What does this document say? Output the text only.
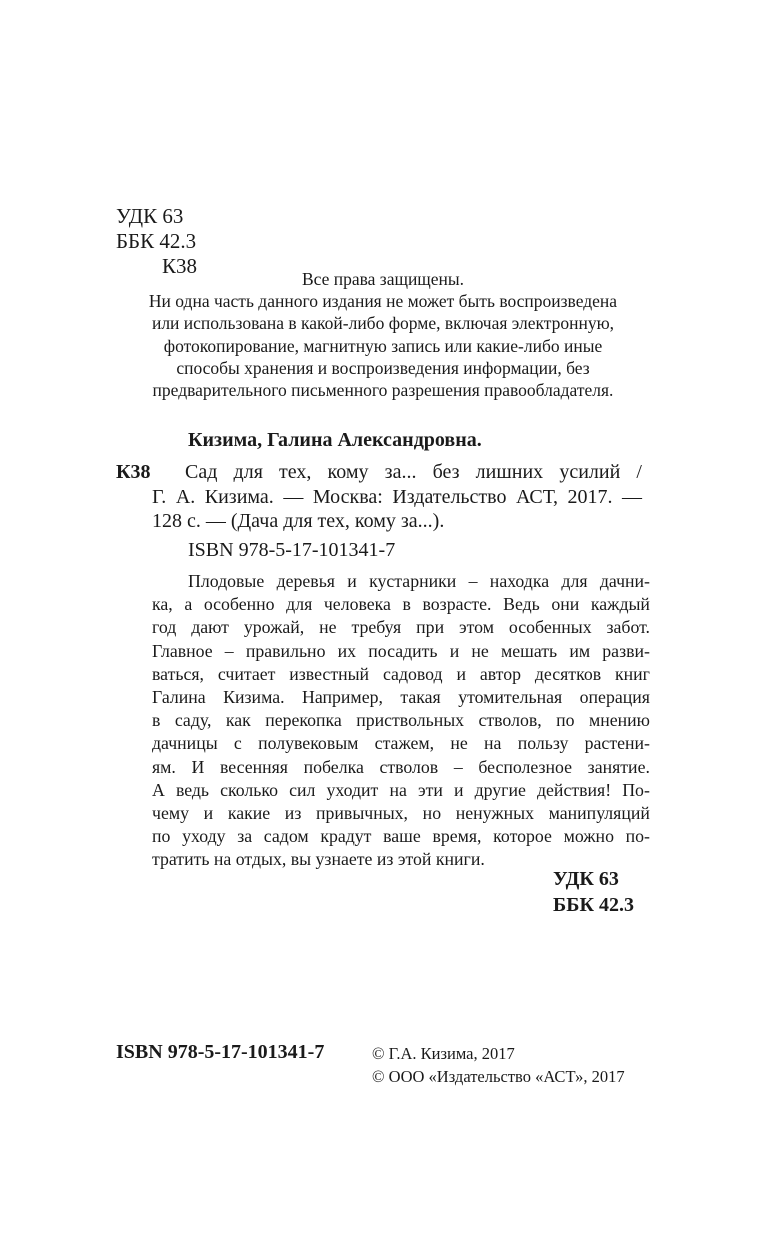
УДК 63
ББК 42.3
К38
Все права защищены.
Ни одна часть данного издания не может быть воспроизведена
или использована в какой-либо форме, включая электронную,
фотокопирование, магнитную запись или какие-либо иные
способы хранения и воспроизведения информации, без
предварительного письменного разрешения правообладателя.
Кизима, Галина Александровна.
К38 Сад для тех, кому за... без лишних усилий /
Г. А. Кизима. — Москва: Издательство АСТ, 2017. —
128 с. — (Дача для тех, кому за...).
ISBN 978-5-17-101341-7
Плодовые деревья и кустарники – находка для дачни-
ка, а особенно для человека в возрасте. Ведь они каждый
год дают урожай, не требуя при этом особенных забот.
Главное – правильно их посадить и не мешать им разви-
ваться, считает известный садовод и автор десятков книг
Галина Кизима. Например, такая утомительная операция
в саду, как перекопка приствольных стволов, по мнению
дачницы с полувековым стажем, не на пользу растени-
ям. И весенняя побелка стволов – бесполезное занятие.
А ведь сколько сил уходит на эти и другие действия! По-
чему и какие из привычных, но ненужных манипуляций
по уходу за садом крадут ваше время, которое можно по-
тратить на отдых, вы узнаете из этой книги.
УДК 63
ББК 42.3
ISBN 978-5-17-101341-7	© Г.А. Кизима, 2017
© ООО «Издательство «АСТ», 2017
